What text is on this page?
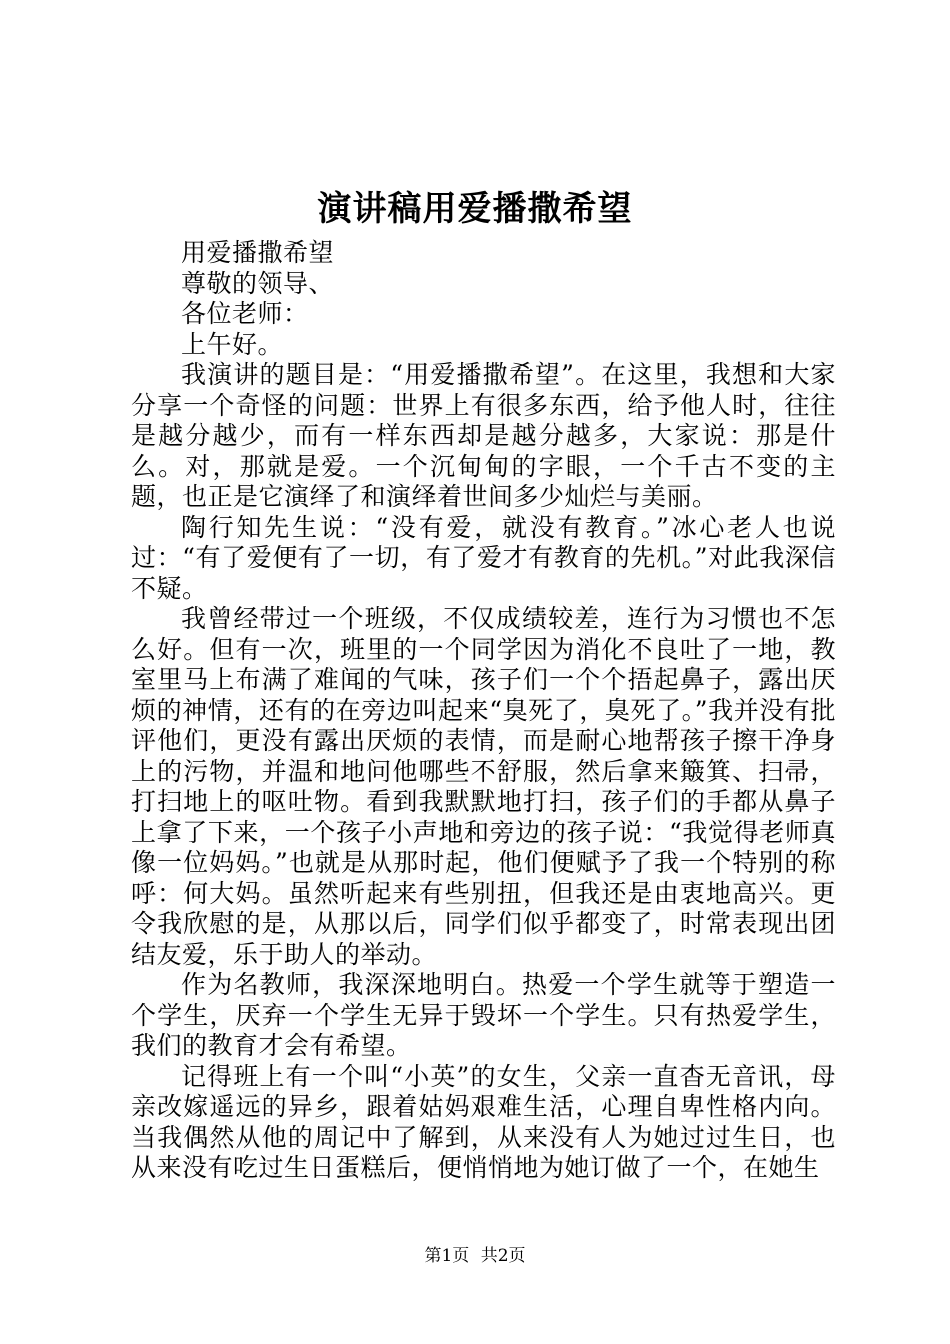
演讲稿用爱播撒希望

用爱播撒希望

尊敬的领导、

各位老师：

上午好。

我演讲的题目是：“用爱播撒希望”。在这里，我想和大家分享一个奇怪的问题：世界上有很多东西，给予他人时，往往是越分越少，而有一样东西却是越分越多，大家说：那是什么。对，那就是爱。一个沉甸甸的字眼，一个千古不变的主题，也正是它演绎了和演绎着世间多少灿烂与美丽。

陶行知先生说：“没有爱，就没有教育。”冰心老人也说过：“有了爱便有了一切，有了爱才有教育的先机。”对此我深信不疑。

我曾经带过一个班级，不仅成绩较差，连行为习惯也不怎么好。但有一次，班里的一个同学因为消化不良吐了一地，教室里马上布满了难闻的气味，孩子们一个个捂起鼻子，露出厌烦的神情，还有的在旁边叫起来“臭死了，臭死了。”我并没有批评他们，更没有露出厌烦的表情，而是耐心地帮孩子擦干净身上的污物，并温和地问他哪些不舒服，然后拿来簸箕、扫帚，打扫地上的呕吐物。看到我默默地打扫，孩子们的手都从鼻子上拿了下来，一个孩子小声地和旁边的孩子说：“我觉得老师真像一位妈妈。”也就是从那时起，他们便赋予了我一个特别的称呼：何大妈。虽然听起来有些别扭，但我还是由衷地高兴。更令我欣慰的是，从那以后，同学们似乎都变了，时常表现出团结友爱，乐于助人的举动。

作为名教师，我深深地明白。热爱一个学生就等于塑造一个学生，厌弃一个学生无异于毁坏一个学生。只有热爱学生，我们的教育才会有希望。

记得班上有一个叫“小英”的女生，父亲一直杳无音讯，母亲改嫁遥远的异乡，跟着姑妈艰难生活，心理自卑性格内向。当我偶然从他的周记中了解到，从来没有人为她过过生日，也从来没有吃过生日蛋糕后，便悄悄地为她订做了一个，在她生

第1页 共2页
